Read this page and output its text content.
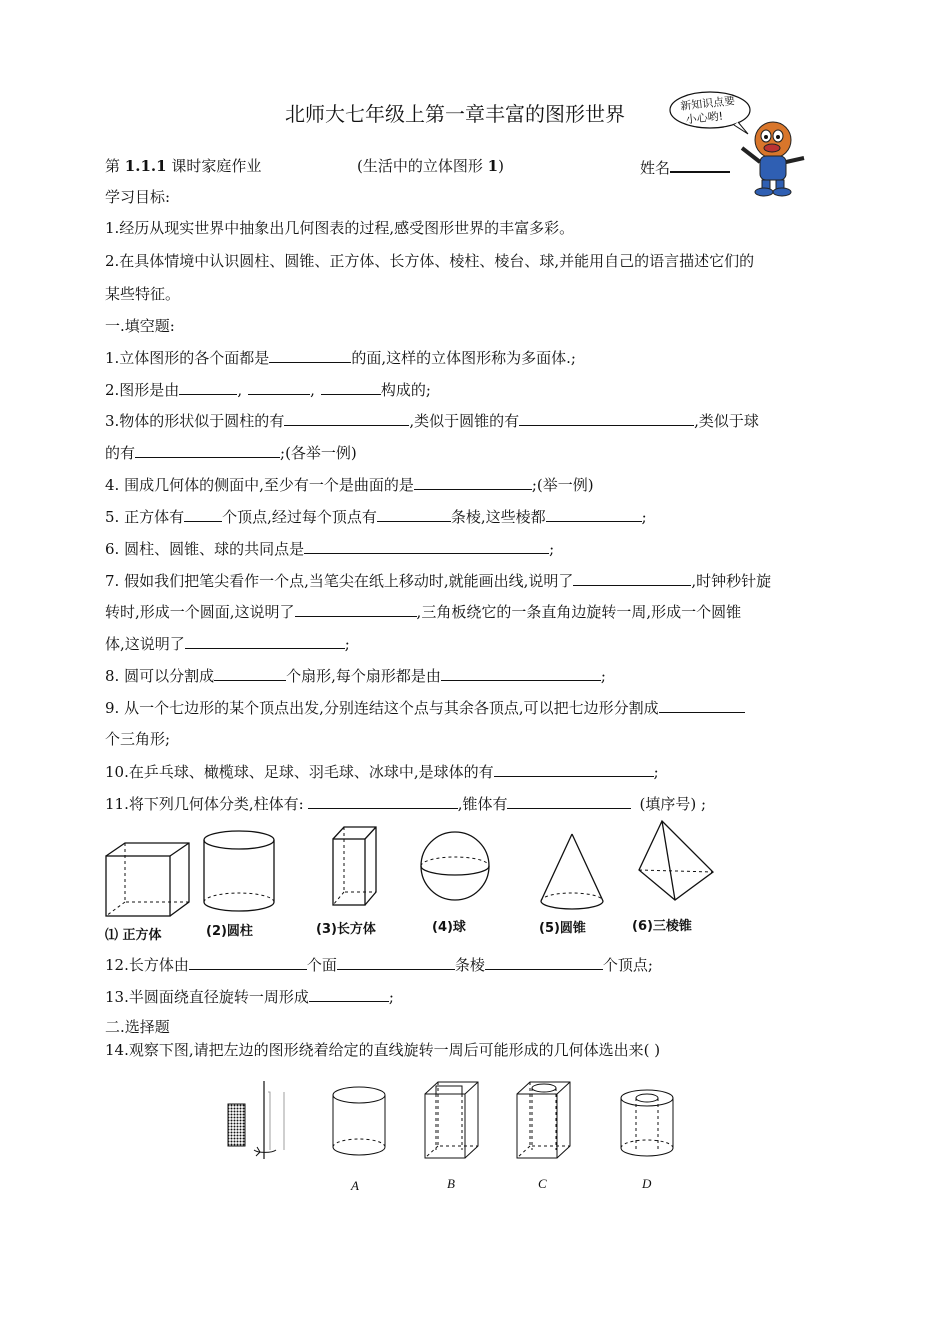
北师大七年级上第一章丰富的图形世界	新知识点要
小心哟!
第 1.1.1 课时家庭作业	(生活中的立体图形 1)	姓名
学习目标:
1.经历从现实世界中抽象出几何图表的过程,感受图形世界的丰富多彩。
2.在具体情境中认识圆柱、圆锥、正方体、长方体、棱柱、棱台、球,并能用自己的语言描述它们的
某些特征。
一.填空题:
1.立体图形的各个面都是	的面,这样的立体图形称为多面体.;
2.图形是由	,	,	构成的;
3.物体的形状似于圆柱的有	,类似于圆锥的有	,类似于球
的有	;(各举一例)
4. 围成几何体的侧面中,至少有一个是曲面的是	;(举一例)
5. 正方体有	个顶点,经过每个顶点有	条棱,这些棱都	;
6. 圆柱、圆锥、球的共同点是	;
7. 假如我们把笔尖看作一个点,当笔尖在纸上移动时,就能画出线,说明了	,时钟秒针旋
转时,形成一个圆面,这说明了	,三角板绕它的一条直角边旋转一周,形成一个圆锥
体,这说明了	;
8. 圆可以分割成	个扇形,每个扇形都是由	;
9. 从一个七边形的某个顶点出发,分别连结这个点与其余各顶点,可以把七边形分割成
个三角形;
10.在乒乓球、橄榄球、足球、羽毛球、冰球中,是球体的有	;
11.将下列几何体分类,柱体有:	,锥体有	(填序号) ;
⑴ 正方体	(2)圆柱	(3)长方体	(4)球	(5)圆锥	(6)三棱锥
12.长方体由	个面	条棱	个顶点;
13.半圆面绕直径旋转一周形成	;
二.选择题
14.观察下图,请把左边的图形绕着给定的直线旋转一周后可能形成的几何体选出来( )
A	B	C	D
